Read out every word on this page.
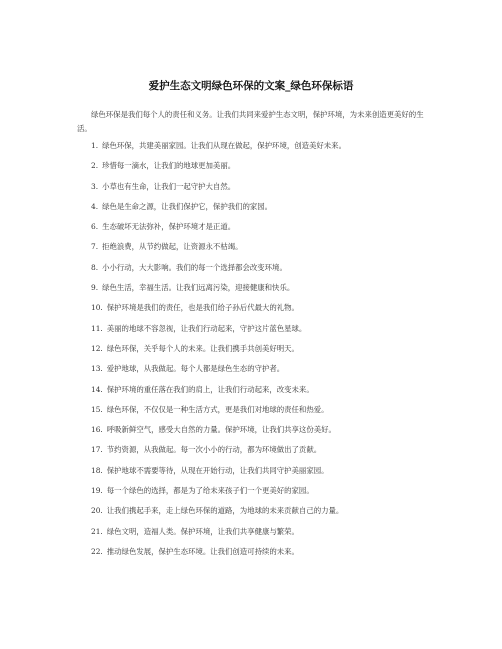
爱护生态文明绿色环保的文案_绿色环保标语

绿色环保是我们每个人的责任和义务。让我们共同来爱护生态文明，保护环境，为未来创造更美好的生活。

1. 绿色环保，共建美丽家园。让我们从现在做起，保护环境，创造美好未来。
2. 珍惜每一滴水，让我们的地球更加美丽。
3. 小草也有生命，让我们一起守护大自然。
4. 绿色是生命之源，让我们保护它，保护我们的家园。
6. 生态破坏无法弥补，保护环境才是正道。
7. 拒绝浪费，从节约做起，让资源永不枯竭。
8. 小小行动，大大影响。我们的每一个选择都会改变环境。
9. 绿色生活，幸福生活。让我们远离污染，迎接健康和快乐。
10. 保护环境是我们的责任，也是我们给子孙后代最大的礼物。
11. 美丽的地球不容忽视，让我们行动起来，守护这片蓝色星球。
12. 绿色环保，关乎每个人的未来。让我们携手共创美好明天。
13. 爱护地球，从我做起。每个人都是绿色生态的守护者。
14. 保护环境的重任落在我们的肩上，让我们行动起来，改变未来。
15. 绿色环保，不仅仅是一种生活方式，更是我们对地球的责任和热爱。
16. 呼吸新鲜空气，感受大自然的力量。保护环境，让我们共享这份美好。
17. 节约资源，从我做起。每一次小小的行动，都为环境做出了贡献。
18. 保护地球不需要等待，从现在开始行动，让我们共同守护美丽家园。
19. 每一个绿色的选择，都是为了给未来孩子们一个更美好的家园。
20. 让我们携起手来，走上绿色环保的道路，为地球的未来贡献自己的力量。
21. 绿色文明，造福人类。保护环境，让我们共享健康与繁荣。
22. 推动绿色发展，保护生态环境。让我们创造可持续的未来。
